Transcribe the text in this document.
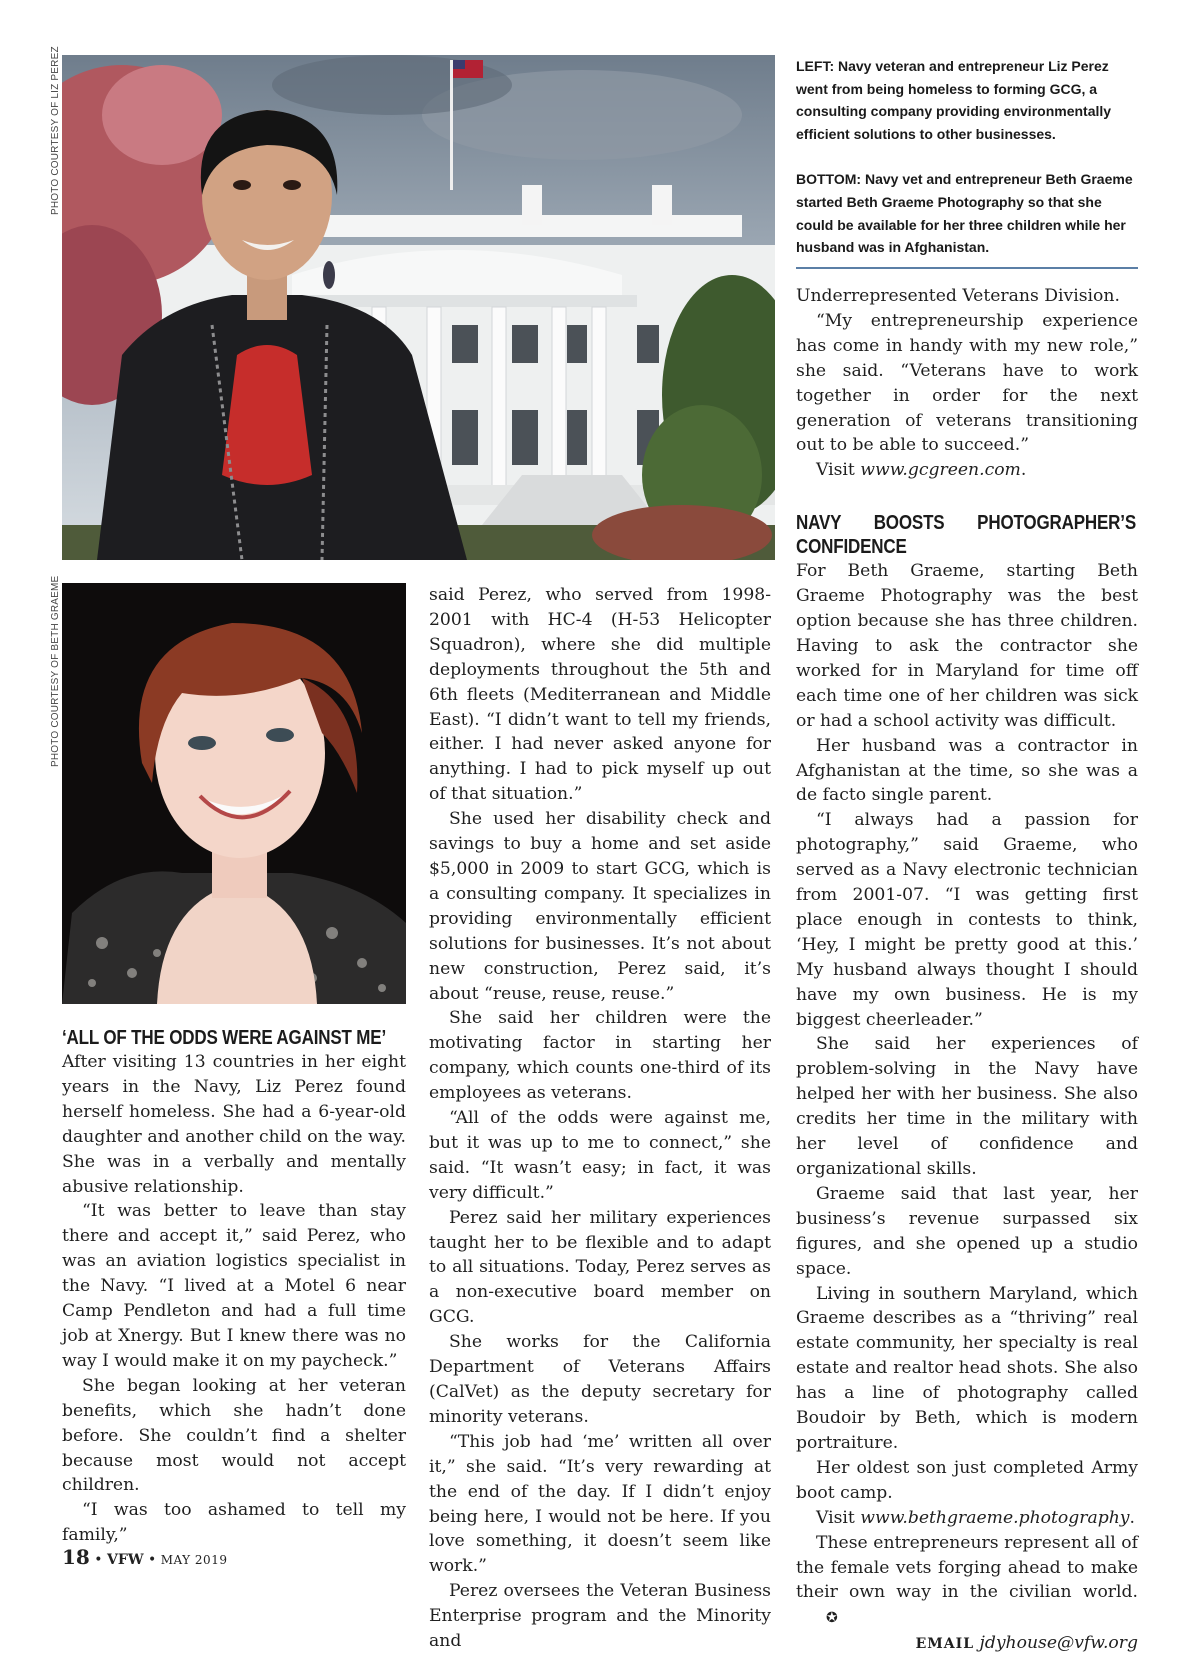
PHOTO COURTESY OF LIZ PEREZ
PHOTO COURTESY OF BETH GRAEME

LEFT: Navy veteran and entrepreneur Liz Perez went from being homeless to forming GCG, a consulting company providing environmentally efficient solutions to other businesses.

BOTTOM: Navy vet and entrepreneur Beth Graeme started Beth Graeme Photography so that she could be available for her three children while her husband was in Afghanistan.

‘ALL OF THE ODDS WERE AGAINST ME’

After visiting 13 countries in her eight years in the Navy, Liz Perez found herself homeless. She had a 6-year-old daughter and another child on the way. She was in a verbally and mentally abusive relationship.

“It was better to leave than stay there and accept it,” said Perez, who was an aviation logistics specialist in the Navy. “I lived at a Motel 6 near Camp Pendleton and had a full time job at Xnergy. But I knew there was no way I would make it on my paycheck.”

She began looking at her veteran benefits, which she hadn’t done before. She couldn’t find a shelter because most would not accept children.

“I was too ashamed to tell my family,”

said Perez, who served from 1998-2001 with HC-4 (H-53 Helicopter Squadron), where she did multiple deployments throughout the 5th and 6th fleets (Mediterranean and Middle East). “I didn’t want to tell my friends, either. I had never asked anyone for anything. I had to pick myself up out of that situation.”

She used her disability check and savings to buy a home and set aside $5,000 in 2009 to start GCG, which is a consulting company. It specializes in providing environmentally efficient solutions for businesses. It’s not about new construction, Perez said, it’s about “reuse, reuse, reuse.”

She said her children were the motivating factor in starting her company, which counts one-third of its employees as veterans.

“All of the odds were against me, but it was up to me to connect,” she said. “It wasn’t easy; in fact, it was very difficult.”

Perez said her military experiences taught her to be flexible and to adapt to all situations. Today, Perez serves as a non-executive board member on GCG.

She works for the California Department of Veterans Affairs (CalVet) as the deputy secretary for minority veterans.

“This job had ‘me’ written all over it,” she said. “It’s very rewarding at the end of the day. If I didn’t enjoy being here, I would not be here. If you love something, it doesn’t seem like work.”

Perez oversees the Veteran Business Enterprise program and the Minority and

Underrepresented Veterans Division.

“My entrepreneurship experience has come in handy with my new role,” she said. “Veterans have to work together in order for the next generation of veterans transitioning out to be able to succeed.”

Visit www.gcgreen.com.

NAVY BOOSTS PHOTOGRAPHER’S CONFIDENCE

For Beth Graeme, starting Beth Graeme Photography was the best option because she has three children. Having to ask the contractor she worked for in Maryland for time off each time one of her children was sick or had a school activity was difficult.

Her husband was a contractor in Afghanistan at the time, so she was a de facto single parent.

“I always had a passion for photography,” said Graeme, who served as a Navy electronic technician from 2001-07. “I was getting first place enough in contests to think, ‘Hey, I might be pretty good at this.’ My husband always thought I should have my own business. He is my biggest cheerleader.”

She said her experiences of problem-solving in the Navy have helped her with her business. She also credits her time in the military with her level of confidence and organizational skills.

Graeme said that last year, her business’s revenue surpassed six figures, and she opened up a studio space.

Living in southern Maryland, which Graeme describes as a “thriving” real estate community, her specialty is real estate and realtor head shots. She also has a line of photography called Boudoir by Beth, which is modern portraiture.

Her oldest son just completed Army boot camp.

Visit www.bethgraeme.photography.

These entrepreneurs represent all of the female vets forging ahead to make their own way in the civilian world.✪

EMAIL jdyhouse@vfw.org

18 • VFW • MAY 2019
